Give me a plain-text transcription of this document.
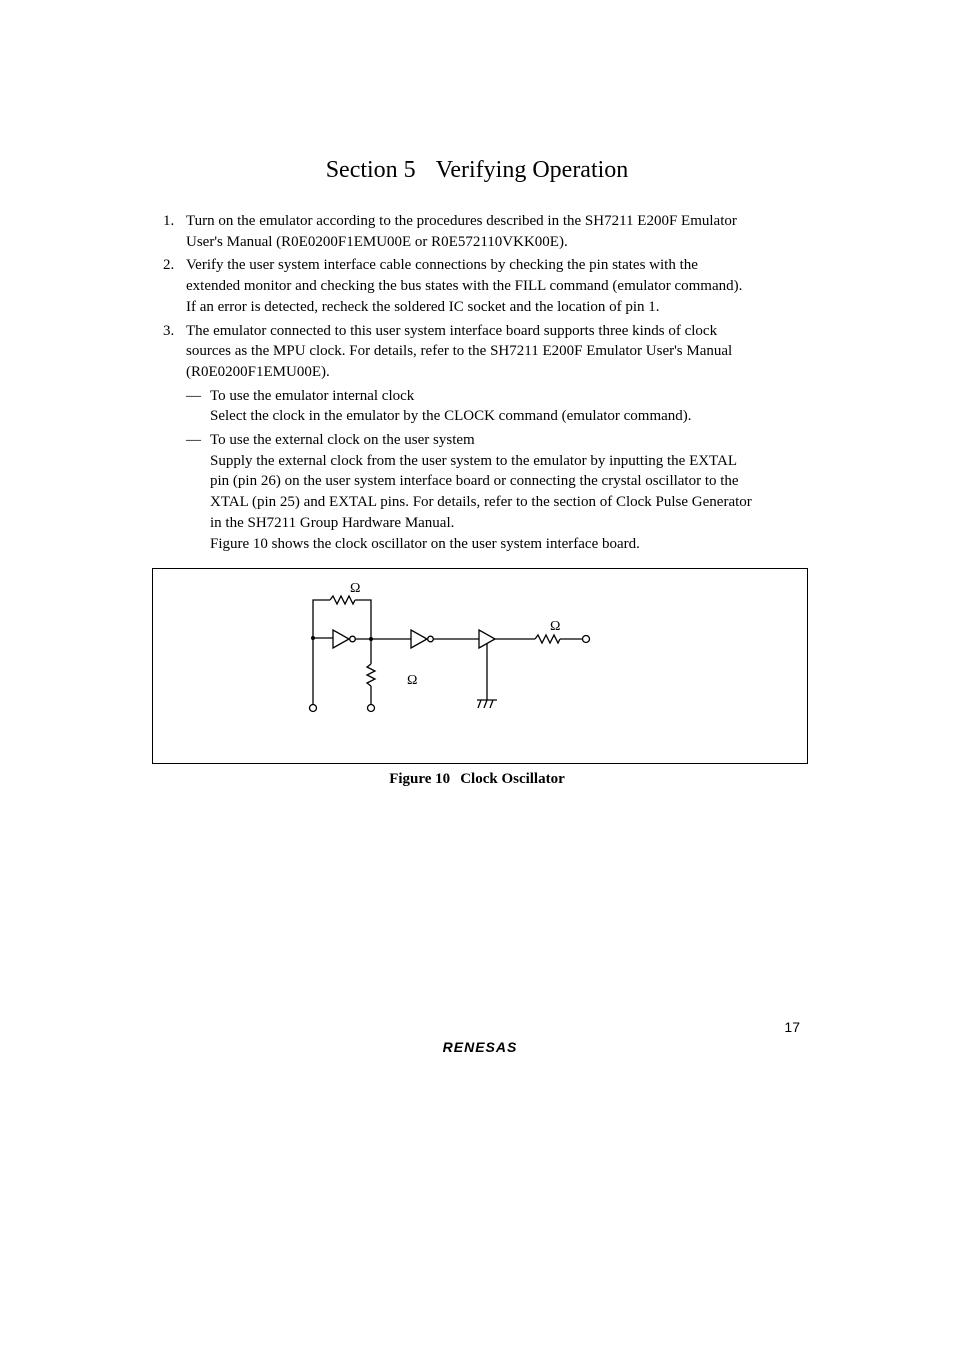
Section 5 Verifying Operation
1. Turn on the emulator according to the procedures described in the SH7211 E200F Emulator
User's Manual (R0E0200F1EMU00E or R0E572110VKK00E).
2. Verify the user system interface cable connections by checking the pin states with the
extended monitor and checking the bus states with the FILL command (emulator command).
If an error is detected, recheck the soldered IC socket and the location of pin 1.
3. The emulator connected to this user system interface board supports three kinds of clock
sources as the MPU clock. For details, refer to the SH7211 E200F Emulator User's Manual
(R0E0200F1EMU00E).
— To use the emulator internal clock
Select the clock in the emulator by the CLOCK command (emulator command).
— To use the external clock on the user system
Supply the external clock from the user system to the emulator by inputting the EXTAL
pin (pin 26) on the user system interface board or connecting the crystal oscillator to the
XTAL (pin 25) and EXTAL pins. For details, refer to the section of Clock Pulse Generator
in the SH7211 Group Hardware Manual.
Figure 10 shows the clock oscillator on the user system interface board.
Ω
Ω
Ω
Figure 10 Clock Oscillator
17
RENESAS
